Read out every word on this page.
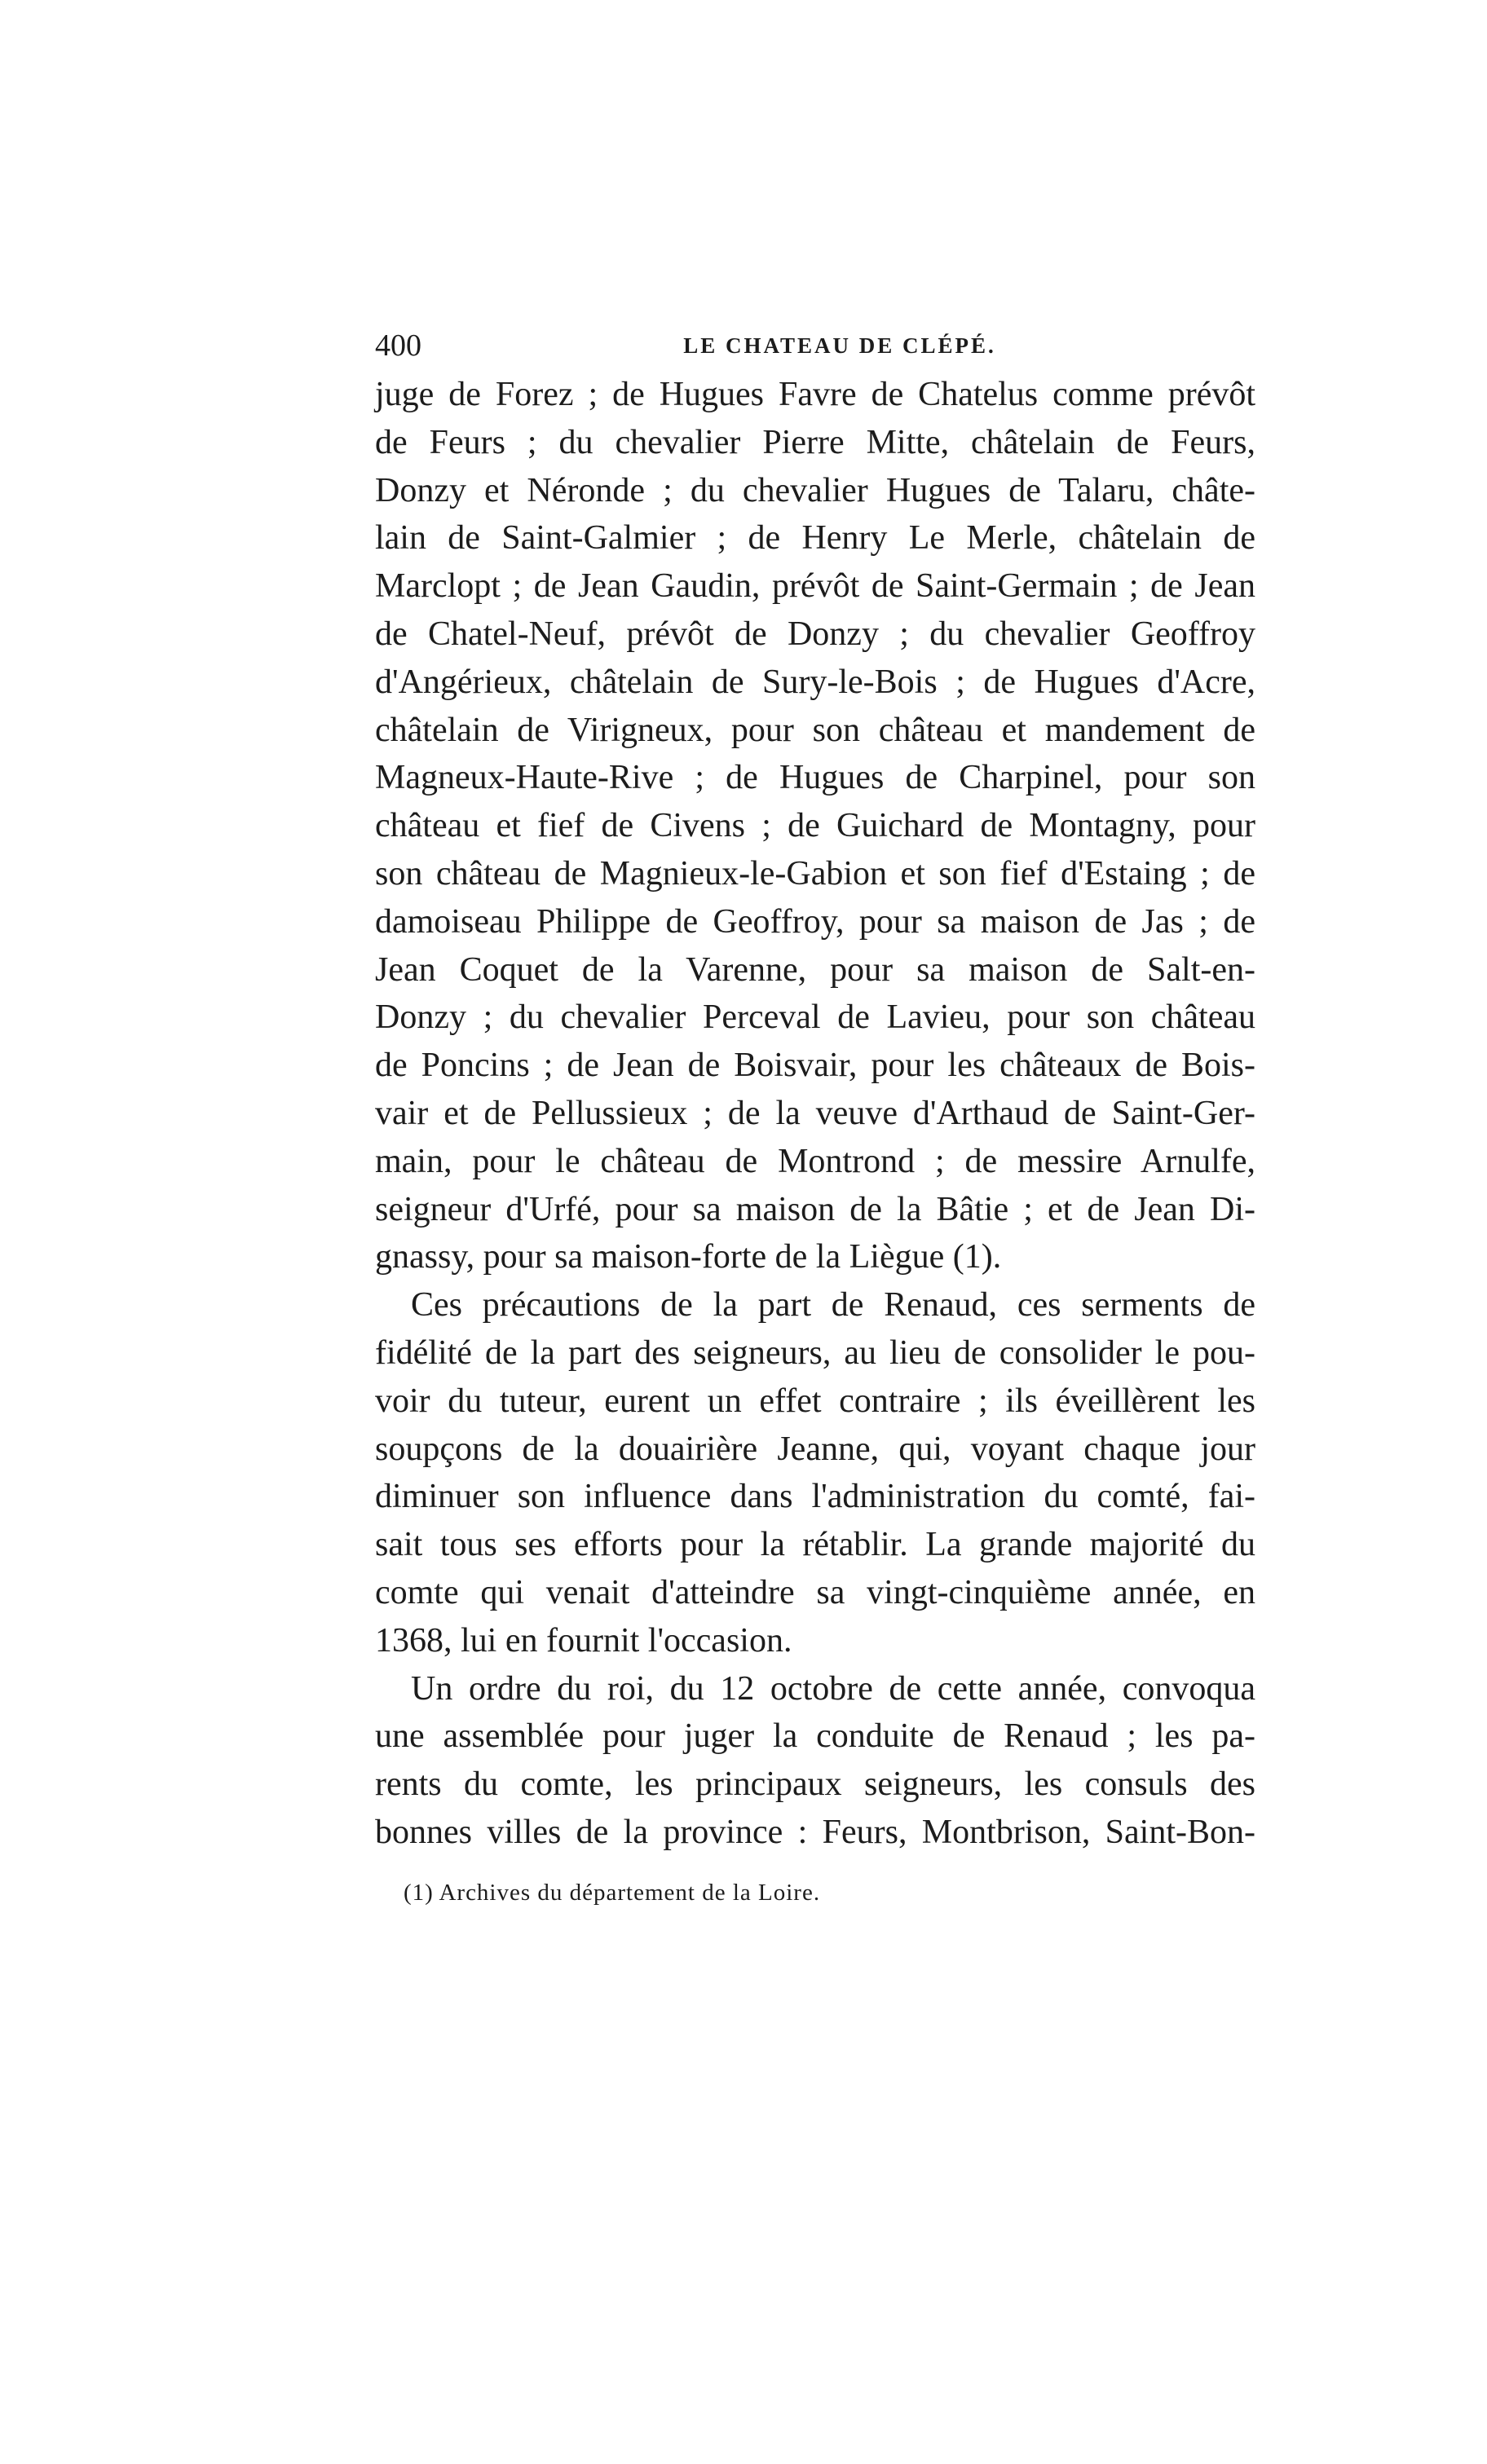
400	LE CHATEAU DE CLÉPÉ.
juge de Forez ; de Hugues Favre de Chatelus comme prévôt
de Feurs ; du chevalier Pierre Mitte, châtelain de Feurs,
Donzy et Néronde ; du chevalier Hugues de Talaru, châte-
lain de Saint-Galmier ; de Henry Le Merle, châtelain de
Marclopt ; de Jean Gaudin, prévôt de Saint-Germain ; de Jean
de Chatel-Neuf, prévôt de Donzy ; du chevalier Geoffroy
d'Angérieux, châtelain de Sury-le-Bois ; de Hugues d'Acre,
châtelain de Virigneux, pour son château et mandement de
Magneux-Haute-Rive ; de Hugues de Charpinel, pour son
château et fief de Civens ; de Guichard de Montagny, pour
son château de Magnieux-le-Gabion et son fief d'Estaing ; de
damoiseau Philippe de Geoffroy, pour sa maison de Jas ; de
Jean Coquet de la Varenne, pour sa maison de Salt-en-
Donzy ; du chevalier Perceval de Lavieu, pour son château
de Poncins ; de Jean de Boisvair, pour les châteaux de Bois-
vair et de Pellussieux ; de la veuve d'Arthaud de Saint-Ger-
main, pour le château de Montrond ; de messire Arnulfe,
seigneur d'Urfé, pour sa maison de la Bâtie ; et de Jean Di-
gnassy, pour sa maison-forte de la Liègue (1).
Ces précautions de la part de Renaud, ces serments de
fidélité de la part des seigneurs, au lieu de consolider le pou-
voir du tuteur, eurent un effet contraire ; ils éveillèrent les
soupçons de la douairière Jeanne, qui, voyant chaque jour
diminuer son influence dans l'administration du comté, fai-
sait tous ses efforts pour la rétablir. La grande majorité du
comte qui venait d'atteindre sa vingt-cinquième année, en
1368, lui en fournit l'occasion.
Un ordre du roi, du 12 octobre de cette année, convoqua
une assemblée pour juger la conduite de Renaud ; les pa-
rents du comte, les principaux seigneurs, les consuls des
bonnes villes de la province : Feurs, Montbrison, Saint-Bon-
(1) Archives du département de la Loire.
